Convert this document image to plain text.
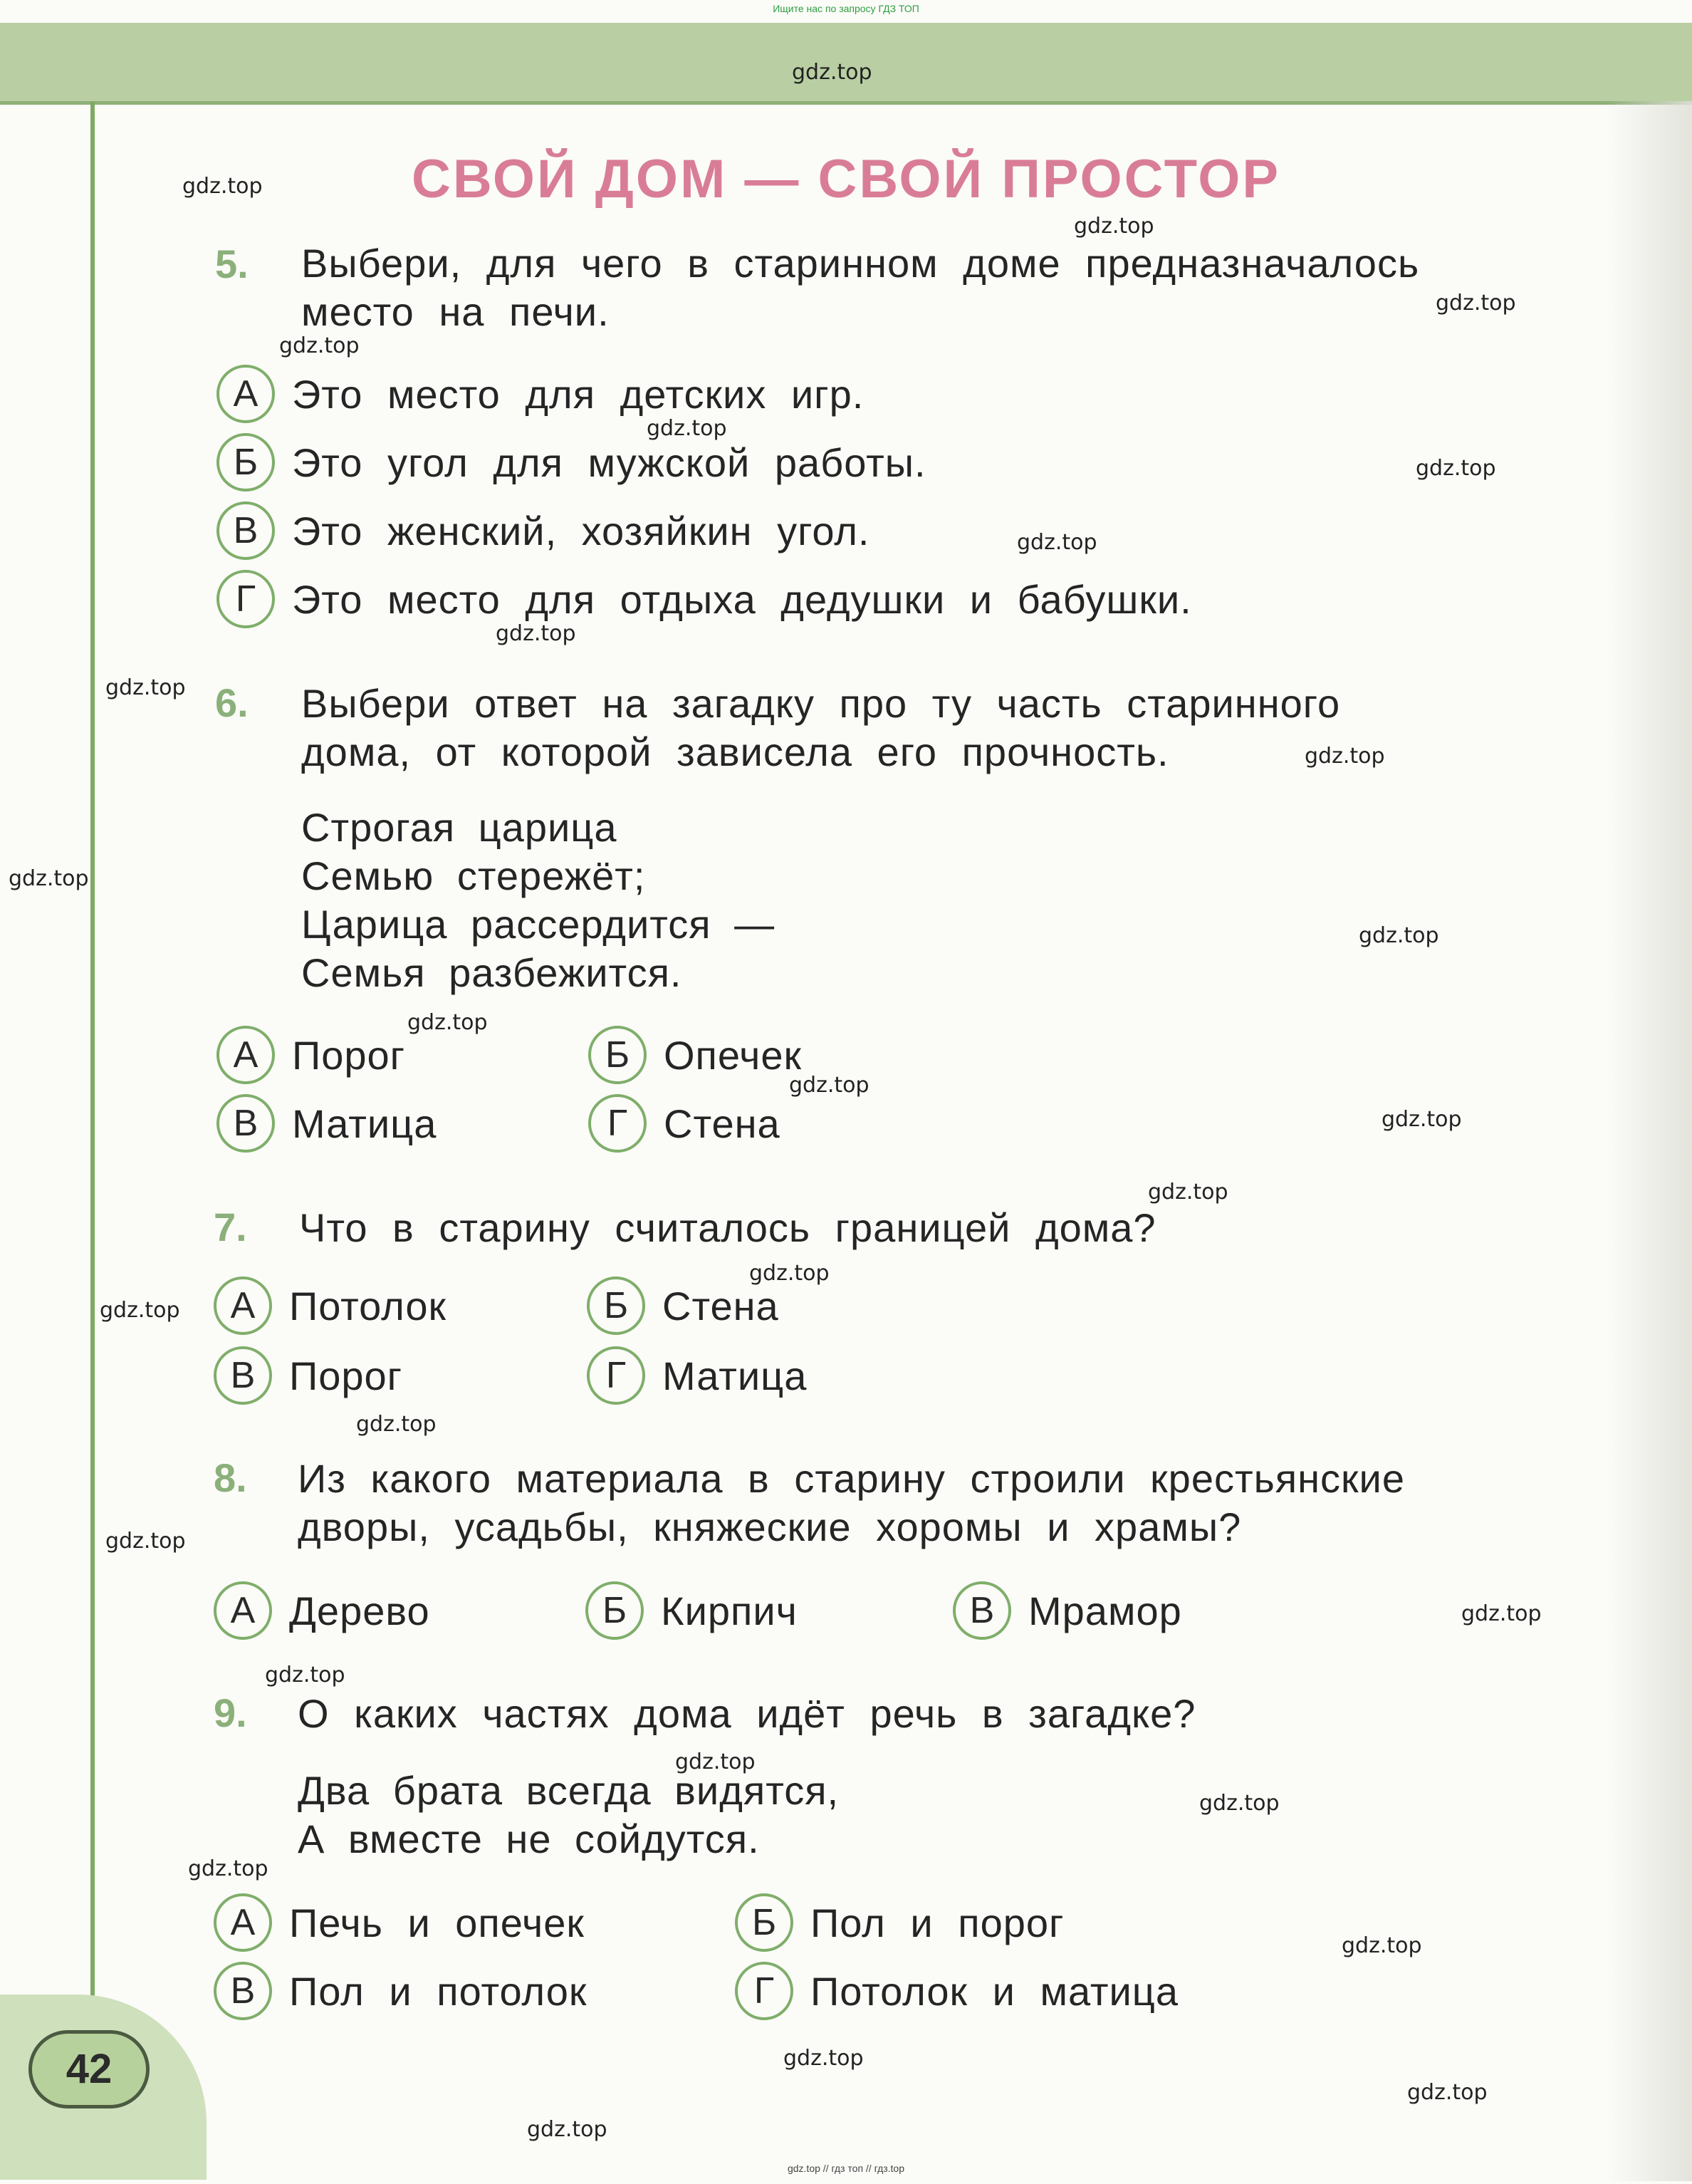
Ищите нас по запросу ГДЗ ТОП
42
СВОЙ ДОМ — СВОЙ ПРОСТОР
5. Выбери, для чего в старинном доме предназначалось
место на печи.
А Это место для детских игр.
Б Это угол для мужской работы.
В Это женский, хозяйкин угол.
Г Это место для отдыха дедушки и бабушки.
6. Выбери ответ на загадку про ту часть старинного
дома, от которой зависела его прочность.
Строгая царица
Семью стережёт;
Царица рассердится —
Семья разбежится.
А Порог	Б Опечек
В Матица	Г Стена
7. Что в старину считалось границей дома?
А Потолок	Б Стена
В Порог	Г Матица
8. Из какого материала в старину строили крестьянские
дворы, усадьбы, княжеские хоромы и храмы?
А Дерево	Б Кирпич	В Мрамор
9. О каких частях дома идёт речь в загадке?
Два брата всегда видятся,
А вместе не сойдутся.
А Печь и опечек	Б Пол и порог
В Пол и потолок	Г Потолок и матица
gdz.top
gdz.top
gdz.top
gdz.top
gdz.top
gdz.top
gdz.top
gdz.top
gdz.top
gdz.top
gdz.top
gdz.top
gdz.top
gdz.top
gdz.top
gdz.top
gdz.top
gdz.top
gdz.top
gdz.top
gdz.top
gdz.top
gdz.top
gdz.top
gdz.top
gdz.top
gdz.top
gdz.top
gdz.top
gdz.top
gdz.top // гдз топ // гдз.top
